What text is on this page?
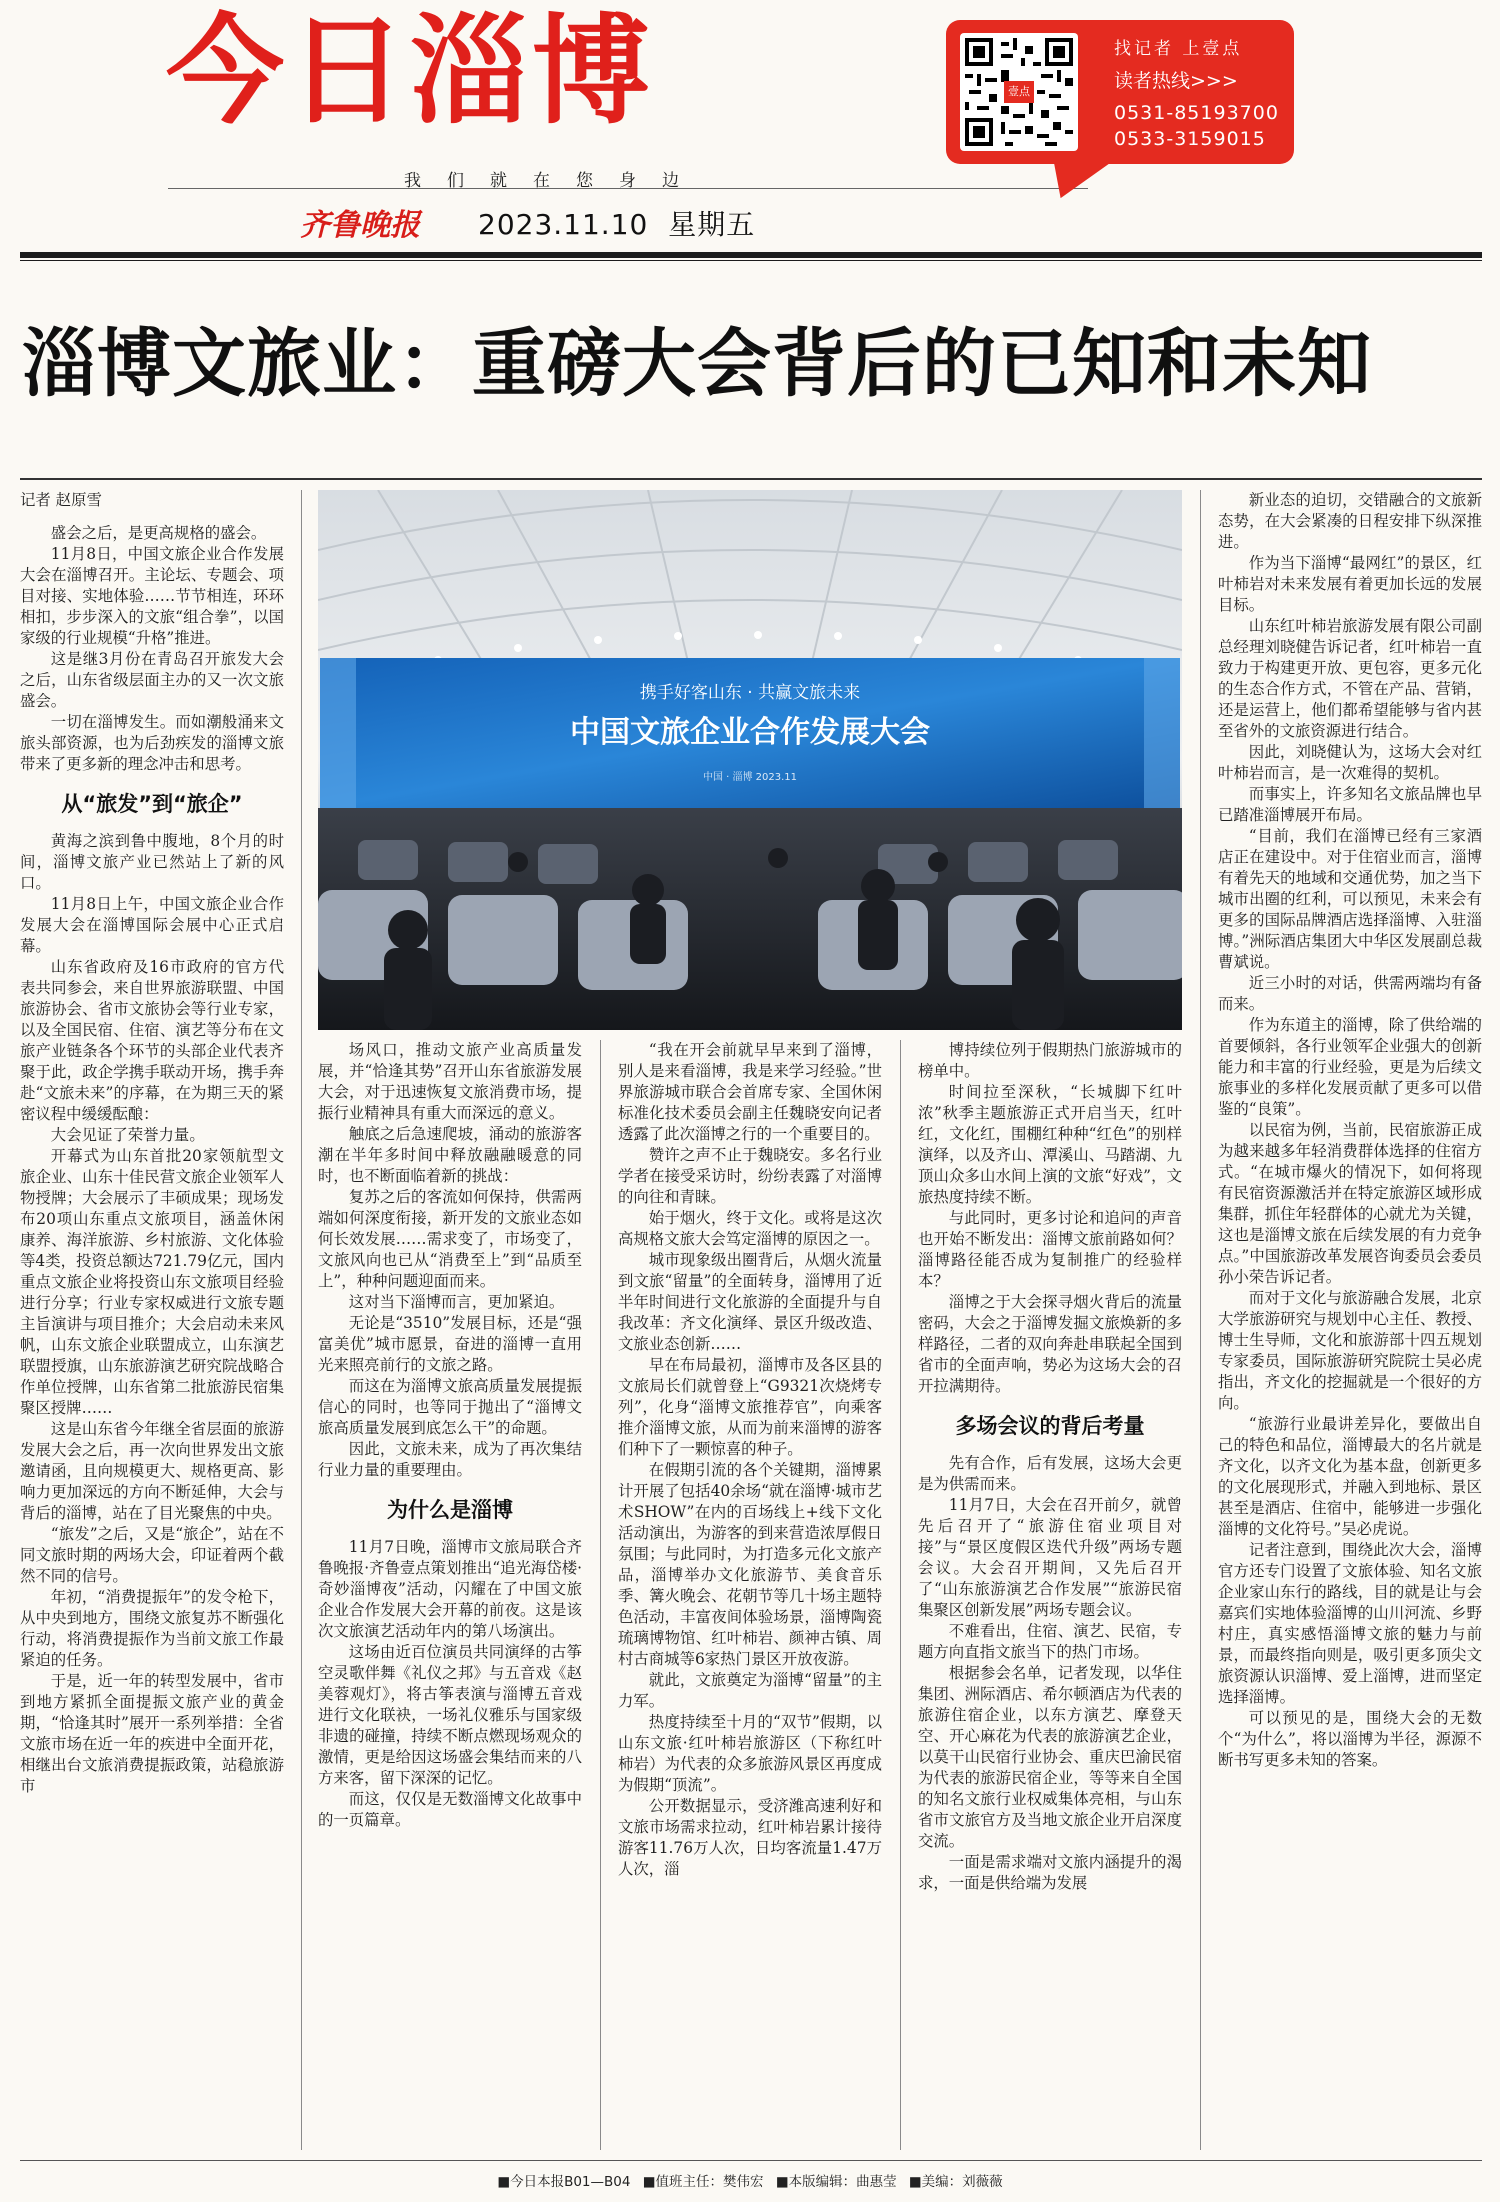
今日淄博
我们就在您身边
齐鲁晚报 2023.11.10 星期五
壹点
找记者 上壹点
读者热线>>>
0531-85193700
0533-3159015
淄博文旅业：重磅大会背后的已知和未知
携手好客山东 · 共赢文旅未来
中国文旅企业合作发展大会
中国 · 淄博 2023.11

记者 赵原雪

盛会之后，是更高规格的盛会。

11月8日，中国文旅企业合作发展大会在淄博召开。主论坛、专题会、项目对接、实地体验……节节相连，环环相扣，步步深入的文旅“组合拳”，以国家级的行业规模“升格”推进。

这是继3月份在青岛召开旅发大会之后，山东省级层面主办的又一次文旅盛会。

一切在淄博发生。而如潮般涌来文旅头部资源，也为后劲疾发的淄博文旅带来了更多新的理念冲击和思考。

从“旅发”到“旅企”

黄海之滨到鲁中腹地，8个月的时间，淄博文旅产业已然站上了新的风口。

11月8日上午，中国文旅企业合作发展大会在淄博国际会展中心正式启幕。

山东省政府及16市政府的官方代表共同参会，来自世界旅游联盟、中国旅游协会、省市文旅协会等行业专家，以及全国民宿、住宿、演艺等分布在文旅产业链条各个环节的头部企业代表齐聚于此，政企学携手联动开场，携手奔赴“文旅未来”的序幕，在为期三天的紧密议程中缓缓酝酿：

大会见证了荣誉力量。

开幕式为山东首批20家领航型文旅企业、山东十佳民营文旅企业领军人物授牌；大会展示了丰硕成果；现场发布20项山东重点文旅项目，涵盖休闲康养、海洋旅游、乡村旅游、文化体验等4类，投资总额达721.79亿元，国内重点文旅企业将投资山东文旅项目经验进行分享；行业专家权威进行文旅专题主旨演讲与项目推介；大会启动未来风帆，山东文旅企业联盟成立，山东演艺联盟授旗，山东旅游演艺研究院战略合作单位授牌，山东省第二批旅游民宿集聚区授牌……

这是山东省今年继全省层面的旅游发展大会之后，再一次向世界发出文旅邀请函，且向规模更大、规格更高、影响力更加深远的方向不断延伸，大会与背后的淄博，站在了目光聚焦的中央。

“旅发”之后，又是“旅企”，站在不同文旅时期的两场大会，印证着两个截然不同的信号。

年初，“消费提振年”的发令枪下，从中央到地方，围绕文旅复苏不断强化行动，将消费提振作为当前文旅工作最紧迫的任务。

于是，近一年的转型发展中，省市到地方紧抓全面提振文旅产业的黄金期，“恰逢其时”展开一系列举措：全省文旅市场在近一年的疾进中全面开花，相继出台文旅消费提振政策，站稳旅游市

场风口，推动文旅产业高质量发展，并“恰逢其势”召开山东省旅游发展大会，对于迅速恢复文旅消费市场，提振行业精神具有重大而深远的意义。

触底之后急速爬坡，涌动的旅游客潮在半年多时间中释放融融暖意的同时，也不断面临着新的挑战：

复苏之后的客流如何保持，供需两端如何深度衔接，新开发的文旅业态如何长效发展……需求变了，市场变了，文旅风向也已从“消费至上”到“品质至上”，种种问题迎面而来。

这对当下淄博而言，更加紧迫。

无论是“3510”发展目标，还是“强富美优”城市愿景，奋进的淄博一直用光来照亮前行的文旅之路。

而这在为淄博文旅高质量发展提振信心的同时，也等同于抛出了“淄博文旅高质量发展到底怎么干”的命题。

因此，文旅未来，成为了再次集结行业力量的重要理由。

为什么是淄博

11月7日晚，淄博市文旅局联合齐鲁晚报·齐鲁壹点策划推出“追光海岱楼·奇妙淄博夜”活动，闪耀在了中国文旅企业合作发展大会开幕的前夜。这是该次文旅演艺活动年内的第八场演出。

这场由近百位演员共同演绎的古筝空灵歌伴舞《礼仪之邦》与五音戏《赵美蓉观灯》，将古筝表演与淄博五音戏进行文化联袂，一场礼仪雅乐与国家级非遗的碰撞，持续不断点燃现场观众的激情，更是给因这场盛会集结而来的八方来客，留下深深的记忆。

而这，仅仅是无数淄博文化故事中的一页篇章。

“我在开会前就早早来到了淄博，别人是来看淄博，我是来学习经验。”世界旅游城市联合会首席专家、全国休闲标准化技术委员会副主任魏晓安向记者透露了此次淄博之行的一个重要目的。

赞许之声不止于魏晓安。多名行业学者在接受采访时，纷纷表露了对淄博的向往和青睐。

始于烟火，终于文化。或将是这次高规格文旅大会笃定淄博的原因之一。

城市现象级出圈背后，从烟火流量到文旅“留量”的全面转身，淄博用了近半年时间进行文化旅游的全面提升与自我改革：齐文化演绎、景区升级改造、文旅业态创新……

早在布局最初，淄博市及各区县的文旅局长们就曾登上“G9321次烧烤专列”，化身“淄博文旅推荐官”，向乘客推介淄博文旅，从而为前来淄博的游客们种下了一颗惊喜的种子。

在假期引流的各个关键期，淄博累计开展了包括40余场“就在淄博·城市艺术SHOW”在内的百场线上+线下文化活动演出，为游客的到来营造浓厚假日氛围；与此同时，为打造多元化文旅产品，淄博举办文化旅游节、美食音乐季、篝火晚会、花朝节等几十场主题特色活动，丰富夜间体验场景，淄博陶瓷琉璃博物馆、红叶柿岩、颜神古镇、周村古商城等6家热门景区开放夜游。

就此，文旅奠定为淄博“留量”的主力军。

热度持续至十月的“双节”假期，以山东文旅·红叶柿岩旅游区（下称红叶柿岩）为代表的众多旅游风景区再度成为假期“顶流”。

公开数据显示，受济潍高速利好和文旅市场需求拉动，红叶柿岩累计接待游客11.76万人次，日均客流量1.47万人次，淄

博持续位列于假期热门旅游城市的榜单中。

时间拉至深秋，“长城脚下红叶浓”秋季主题旅游正式开启当天，红叶红，文化红，围棚红种种“红色”的别样演绎，以及齐山、潭溪山、马踏湖、九顶山众多山水间上演的文旅“好戏”，文旅热度持续不断。

与此同时，更多讨论和追问的声音也开始不断发出：淄博文旅前路如何？淄博路径能否成为复制推广的经验样本？

淄博之于大会探寻烟火背后的流量密码，大会之于淄博发掘文旅焕新的多样路径，二者的双向奔赴串联起全国到省市的全面声响，势必为这场大会的召开拉满期待。

多场会议的背后考量

先有合作，后有发展，这场大会更是为供需而来。

11月7日，大会在召开前夕，就曾先后召开了“旅游住宿业项目对接”与“景区度假区迭代升级”两场专题会议。大会召开期间，又先后召开了“山东旅游演艺合作发展”“旅游民宿集聚区创新发展”两场专题会议。

不难看出，住宿、演艺、民宿，专题方向直指文旅当下的热门市场。

根据参会名单，记者发现，以华住集团、洲际酒店、希尔顿酒店为代表的旅游住宿企业，以东方演艺、摩登天空、开心麻花为代表的旅游演艺企业，以莫干山民宿行业协会、重庆巴渝民宿为代表的旅游民宿企业，等等来自全国的知名文旅行业权威集体亮相，与山东省市文旅官方及当地文旅企业开启深度交流。

一面是需求端对文旅内涵提升的渴求，一面是供给端为发展

新业态的迫切，交错融合的文旅新态势，在大会紧凑的日程安排下纵深推进。

作为当下淄博“最网红”的景区，红叶柿岩对未来发展有着更加长远的发展目标。

山东红叶柿岩旅游发展有限公司副总经理刘晓健告诉记者，红叶柿岩一直致力于构建更开放、更包容，更多元化的生态合作方式，不管在产品、营销，还是运营上，他们都希望能够与省内甚至省外的文旅资源进行结合。

因此，刘晓健认为，这场大会对红叶柿岩而言，是一次难得的契机。

而事实上，许多知名文旅品牌也早已踏准淄博展开布局。

“目前，我们在淄博已经有三家酒店正在建设中。对于住宿业而言，淄博有着先天的地域和交通优势，加之当下城市出圈的红利，可以预见，未来会有更多的国际品牌酒店选择淄博、入驻淄博。”洲际酒店集团大中华区发展副总裁曹斌说。

近三小时的对话，供需两端均有备而来。

作为东道主的淄博，除了供给端的首要倾斜，各行业领军企业强大的创新能力和丰富的行业经验，更是为后续文旅事业的多样化发展贡献了更多可以借鉴的“良策”。

以民宿为例，当前，民宿旅游正成为越来越多年轻消费群体选择的住宿方式。“在城市爆火的情况下，如何将现有民宿资源激活并在特定旅游区域形成集群，抓住年轻群体的心就尤为关键，这也是淄博文旅在后续发展的有力竞争点。”中国旅游改革发展咨询委员会委员孙小荣告诉记者。

而对于文化与旅游融合发展，北京大学旅游研究与规划中心主任、教授、博士生导师，文化和旅游部十四五规划专家委员，国际旅游研究院院士吴必虎指出，齐文化的挖掘就是一个很好的方向。

“旅游行业最讲差异化，要做出自己的特色和品位，淄博最大的名片就是齐文化，以齐文化为基本盘，创新更多的文化展现形式，并融入到地标、景区甚至是酒店、住宿中，能够进一步强化淄博的文化符号。”吴必虎说。

记者注意到，围绕此次大会，淄博官方还专门设置了文旅体验、知名文旅企业家山东行的路线，目的就是让与会嘉宾们实地体验淄博的山川河流、乡野村庄，真实感悟淄博文旅的魅力与前景，而最终指向则是，吸引更多顶尖文旅资源认识淄博、爱上淄博，进而坚定选择淄博。

可以预见的是，围绕大会的无数个“为什么”，将以淄博为半径，源源不断书写更多未知的答案。

■今日本报B01—B04 ■值班主任：樊伟宏 ■本版编辑：曲惠莹 ■美编：刘薇薇
